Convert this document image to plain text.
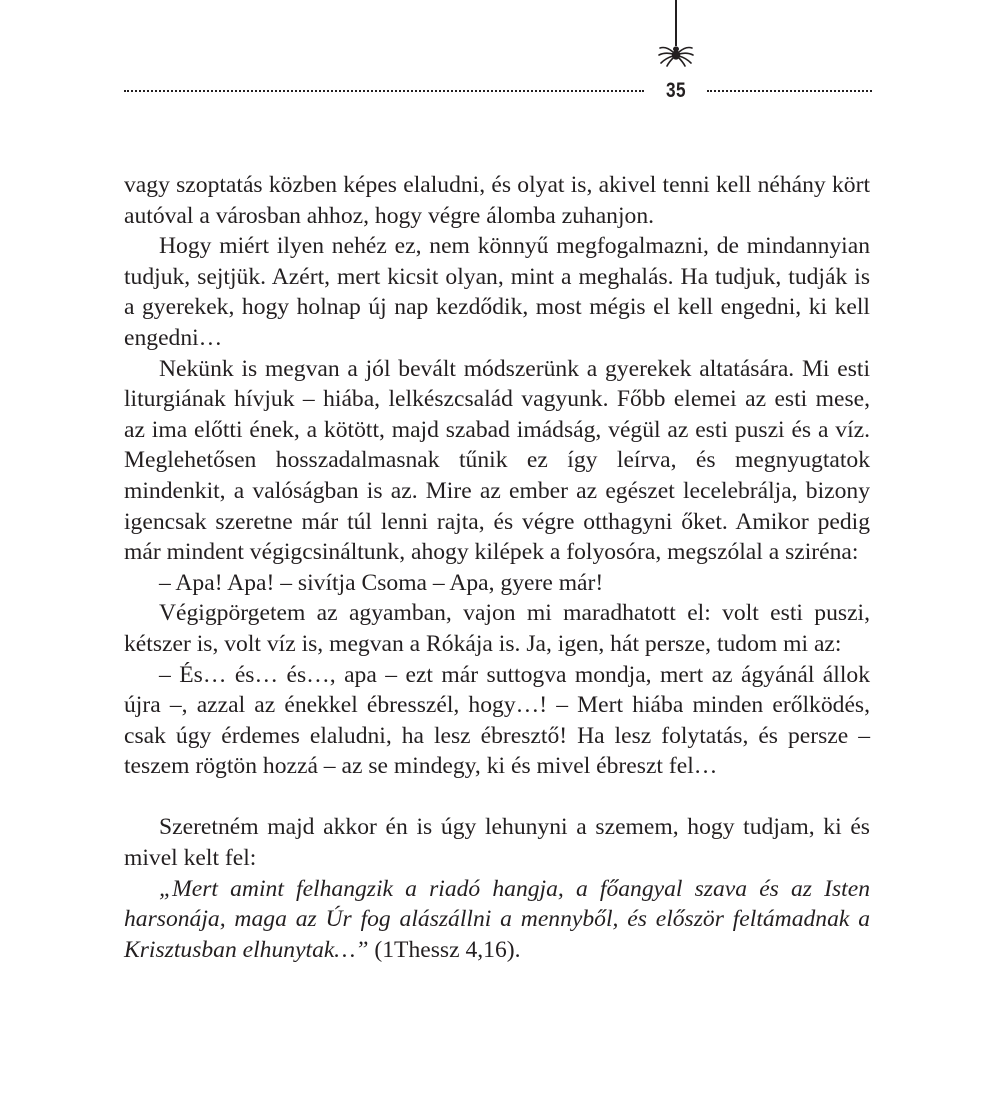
35

vagy szoptatás közben képes elaludni, és olyat is, akivel tenni kell néhány kört autóval a városban ahhoz, hogy végre álomba zuhanjon.

Hogy miért ilyen nehéz ez, nem könnyű megfogalmazni, de mindannyian tudjuk, sejtjük. Azért, mert kicsit olyan, mint a meghalás. Ha tudjuk, tudják is a gyerekek, hogy holnap új nap kezdődik, most mégis el kell engedni, ki kell engedni…

Nekünk is megvan a jól bevált módszerünk a gyerekek altatására. Mi esti liturgiának hívjuk – hiába, lelkészcsalád vagyunk. Főbb elemei az esti mese, az ima előtti ének, a kötött, majd szabad imádság, végül az esti puszi és a víz. Meglehetősen hosszadalmasnak tűnik ez így leírva, és megnyugtatok mindenkit, a valóságban is az. Mire az ember az egészet lecelebrálja, bizony igencsak szeretne már túl lenni rajta, és végre otthagyni őket. Amikor pedig már mindent végigcsináltunk, ahogy kilépek a folyosóra, megszólal a sziréna:

– Apa! Apa! – sivítja Csoma – Apa, gyere már!

Végigpörgetem az agyamban, vajon mi maradhatott el: volt esti puszi, kétszer is, volt víz is, megvan a Rókája is. Ja, igen, hát persze, tudom mi az:

– És… és… és…, apa – ezt már suttogva mondja, mert az ágyánál állok újra –, azzal az énekkel ébresszél, hogy…! – Mert hiába minden erőlködés, csak úgy érdemes elaludni, ha lesz ébresztő! Ha lesz folytatás, és persze – teszem rögtön hozzá – az se mindegy, ki és mivel ébreszt fel…

Szeretném majd akkor én is úgy lehunyni a szemem, hogy tudjam, ki és mivel kelt fel:

„Mert amint felhangzik a riadó hangja, a főangyal szava és az Isten harsonája, maga az Úr fog alászállni a mennyből, és először feltámadnak a Krisztusban elhunytak…” (1Thessz 4,16).
